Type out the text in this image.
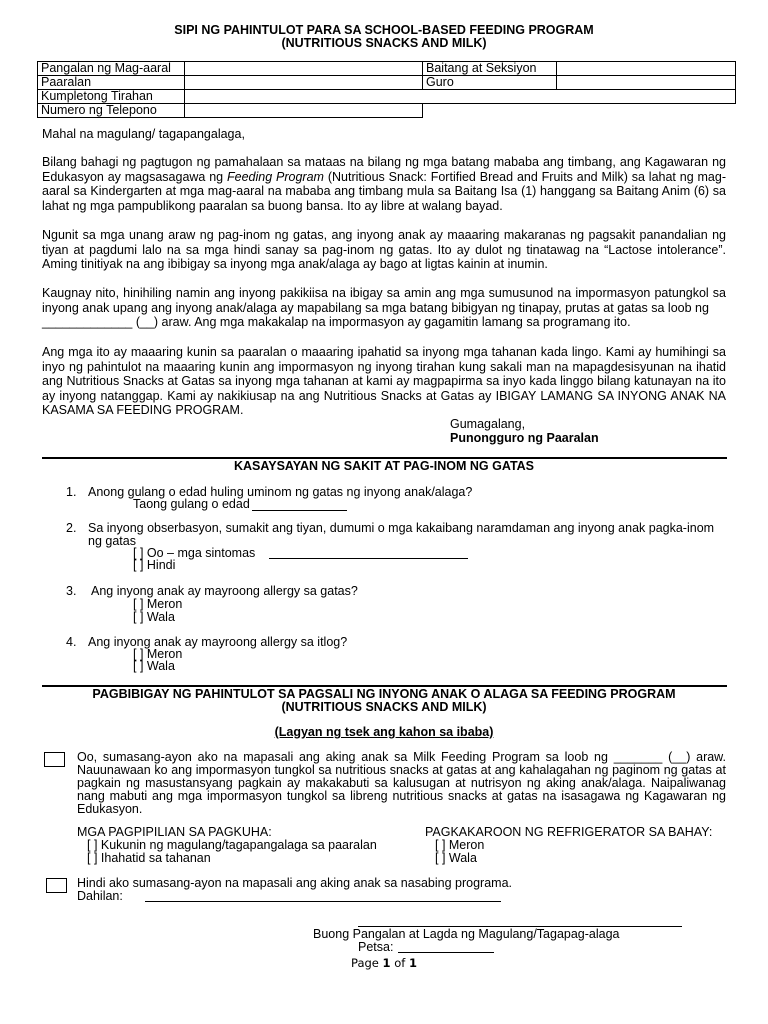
SIPI NG PAHINTULOT PARA SA SCHOOL-BASED FEEDING PROGRAM
(NUTRITIOUS SNACKS AND MILK)
Pangalan ng Mag-aaral		Baitang at Seksiyon	
Paaralan		Guro	
Kumpletong Tirahan			
Numero ng Telepono			
Mahal na magulang/ tagapangalaga,
Bilang bahagi ng pagtugon ng pamahalaan sa mataas na bilang ng mga batang mababa ang timbang, ang Kagawaran ng Edukasyon ay magsasagawa ng Feeding Program (Nutritious Snack: Fortified Bread and Fruits and Milk) sa lahat ng mag-aaral sa Kindergarten at mga mag-aaral na mababa ang timbang mula sa Baitang Isa (1) hanggang sa Baitang Anim (6) sa lahat ng mga pampublikong paaralan sa buong bansa. Ito ay libre at walang bayad.
Ngunit sa mga unang araw ng pag-inom ng gatas, ang inyong anak ay maaaring makaranas ng pagsakit panandalian ng tiyan at pagdumi lalo na sa mga hindi sanay sa pag-inom ng gatas. Ito ay dulot ng tinatawag na “Lactose intolerance”. Aming tinitiyak na ang ibibigay sa inyong mga anak/alaga ay bago at ligtas kainin at inumin.
Kaugnay nito, hinihiling namin ang inyong pakikiisa na ibigay sa amin ang mga sumusunod na impormasyon patungkol sa inyong anak upang ang inyong anak/alaga ay mapabilang sa mga batang bibigyan ng tinapay, prutas at gatas sa loob ng
_____________ (__) araw. Ang mga makakalap na impormasyon ay gagamitin lamang sa programang ito.
Ang mga ito ay maaaring kunin sa paaralan o maaaring ipahatid sa inyong mga tahanan kada lingo. Kami ay humihingi sa inyo ng pahintulot na maaaring kunin ang impormasyon ng inyong tirahan kung sakali man na mapagdesisyunan na ihatid ang Nutritious Snacks at Gatas sa inyong mga tahanan at kami ay magpapirma sa inyo kada linggo bilang katunayan na ito ay inyong natanggap. Kami ay nakikiusap na ang Nutritious Snacks at Gatas ay IBIGAY LAMANG SA INYONG ANAK NA KASAMA SA FEEDING PROGRAM.
Gumagalang,
Punongguro ng Paaralan
KASAYSAYAN NG SAKIT AT PAG-INOM NG GATAS
1. Anong gulang o edad huling uminom ng gatas ng inyong anak/alaga?
Taong gulang o edad
2. Sa inyong obserbasyon, sumakit ang tiyan, dumumi o mga kakaibang naramdaman ang inyong anak pagka-inom
ng gatas
[ ] Oo – mga sintomas
[ ] Hindi
3. Ang inyong anak ay mayroong allergy sa gatas?
[ ] Meron
[ ] Wala
4. Ang inyong anak ay mayroong allergy sa itlog?
[ ] Meron
[ ] Wala
PAGBIBIGAY NG PAHINTULOT SA PAGSALI NG INYONG ANAK O ALAGA SA FEEDING PROGRAM
(NUTRITIOUS SNACKS AND MILK)
(Lagyan ng tsek ang kahon sa ibaba)
Oo, sumasang-ayon ako na mapasali ang aking anak sa Milk Feeding Program sa loob ng _______ (__) araw. Nauunawaan ko ang impormasyon tungkol sa nutritious snacks at gatas at ang kahalagahan ng paginom ng gatas at pagkain ng masustansyang pagkain ay makakabuti sa kalusugan at nutrisyon ng aking anak/alaga. Naipaliwanag nang mabuti ang mga impormasyon tungkol sa libreng nutritious snacks at gatas na isasagawa ng Kagawaran ng Edukasyon.
MGA PAGPIPILIAN SA PAGKUHA:
[ ] Kukunin ng magulang/tagapangalaga sa paaralan
[ ] Ihahatid sa tahanan
PAGKAKAROON NG REFRIGERATOR SA BAHAY:
[ ] Meron
[ ] Wala
Hindi ako sumasang-ayon na mapasali ang aking anak sa nasabing programa.
Dahilan:
Buong Pangalan at Lagda ng Magulang/Tagapag-alaga
Petsa:
Page 1 of 1
